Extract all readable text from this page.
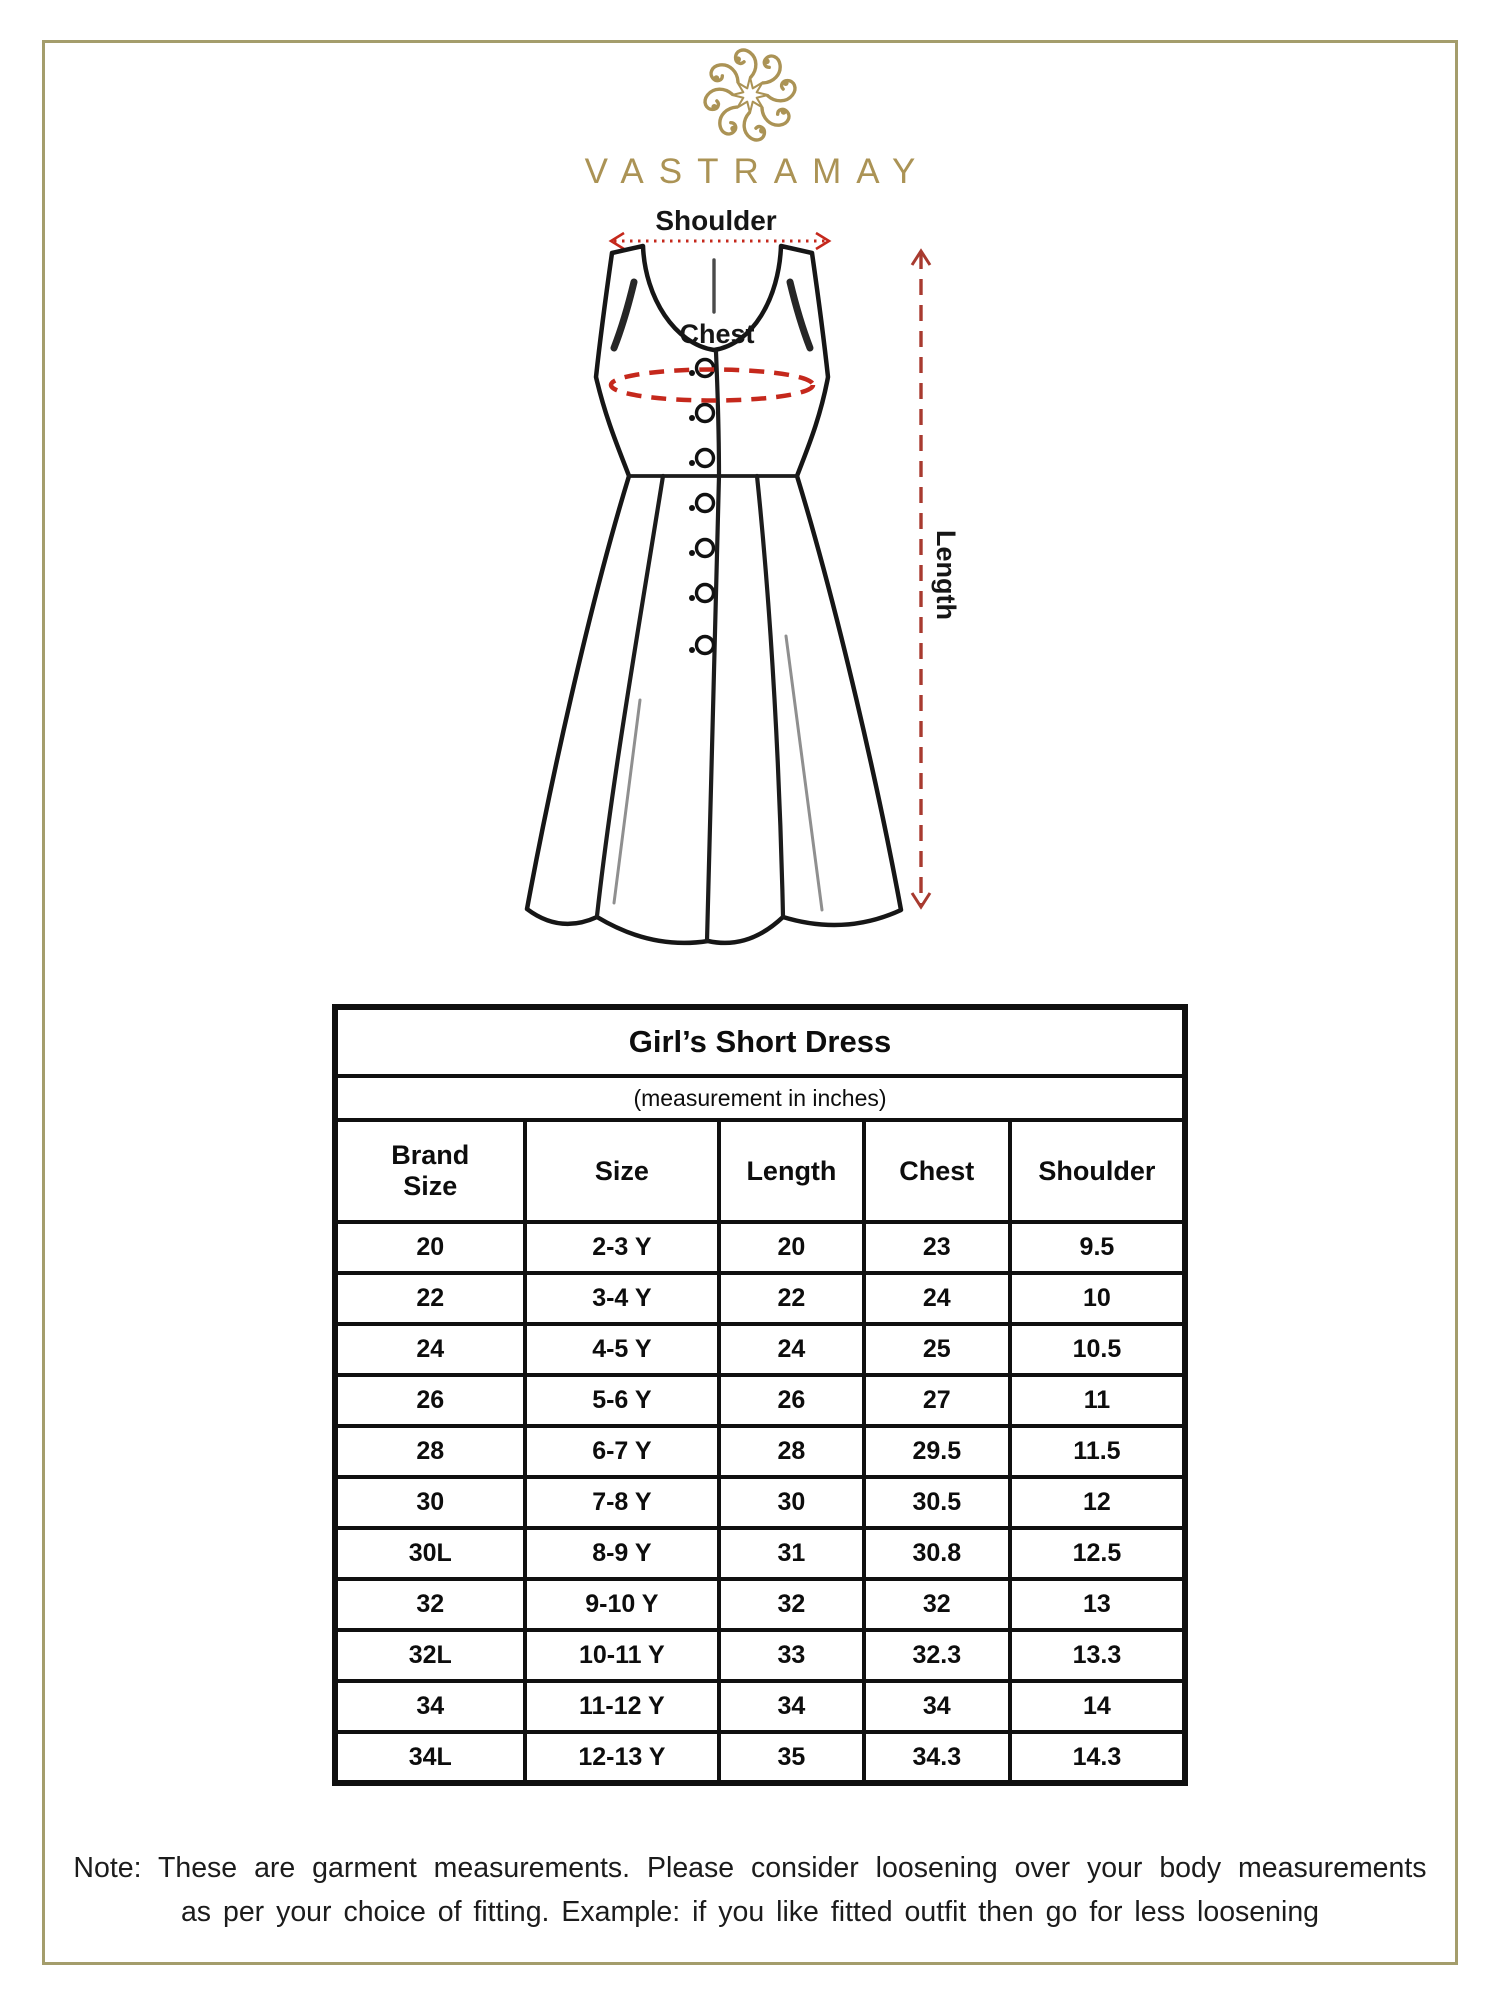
VASTRAMAY
Shoulder
Chest
Length
Girl’s Short Dress				
(measurement in inches)				

Brand Size	Size	Length	Chest	Shoulder
20	2-3 Y	20	23	9.5
22	3-4 Y	22	24	10
24	4-5 Y	24	25	10.5
26	5-6 Y	26	27	11
28	6-7 Y	28	29.5	11.5
30	7-8 Y	30	30.5	12
30L	8-9 Y	31	30.8	12.5
32	9-10 Y	32	32	13
32L	10-11 Y	33	32.3	13.3
34	11-12 Y	34	34	14
34L	12-13 Y	35	34.3	14.3
Note: These are garment measurements. Please consider loosening over your body measurements
as per your choice of fitting. Example: if you like fitted outfit then go for less loosening
